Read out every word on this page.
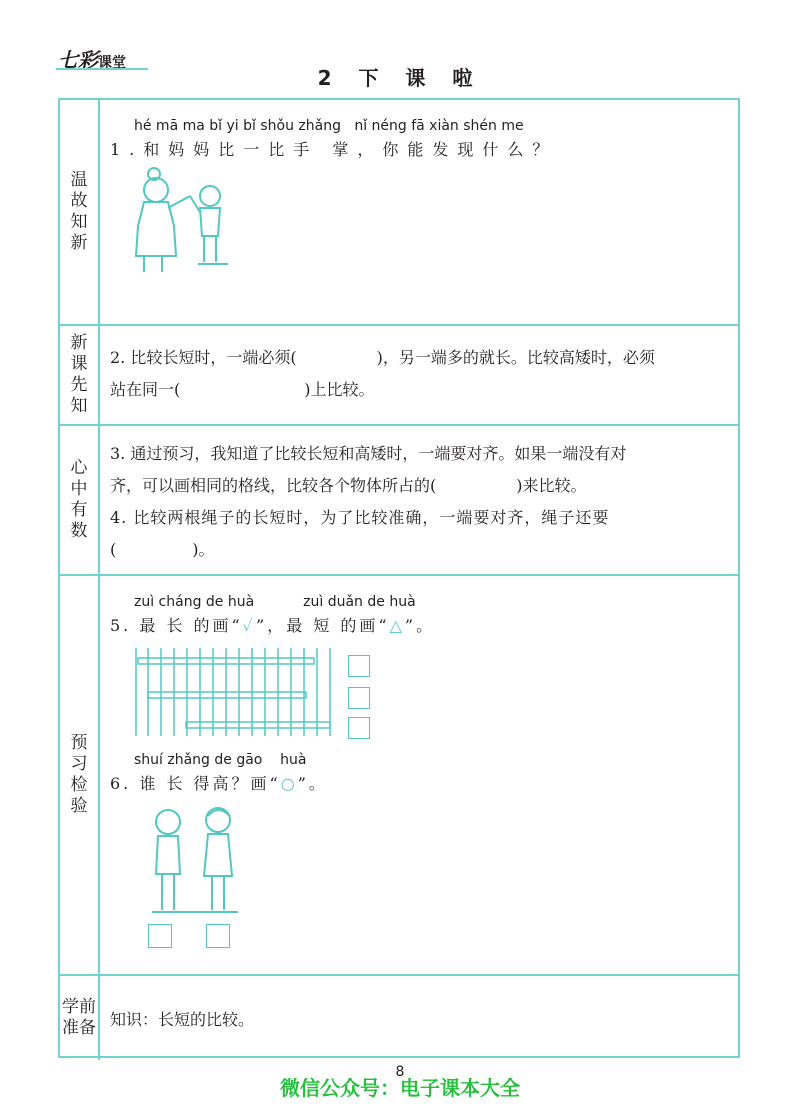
七彩课堂
2 下 课 啦
温
故
知
新
hé mā ma bǐ yi bǐ shǒu zhǎng   nǐ néng fā xiàn shén me
1.和妈妈比一比手 掌，你能发现什么？
新
课
先
知
2. 比较长短时，一端必须(	)，另一端多的就长。比较高矮时，必须
站在同一(	)上比较。
心
中
有
数
3. 通过预习，我知道了比较长短和高矮时，一端要对齐。如果一端没有对
齐，可以画相同的格线，比较各个物体所占的(	)来比较。
4. 比较两根绳子的长短时，为了比较准确，一端要对齐，绳子还要
(	)。
预
习
检
验
zuì cháng de huà           zuì duǎn de huà
5. 最 长 的画“✓”，最 短 的画“△”。
shuí zhǎng de gāo    huà
6. 谁 长 得高？画“○”。
学前
准备 知识：长短的比较。
8
微信公众号：电子课本大全
